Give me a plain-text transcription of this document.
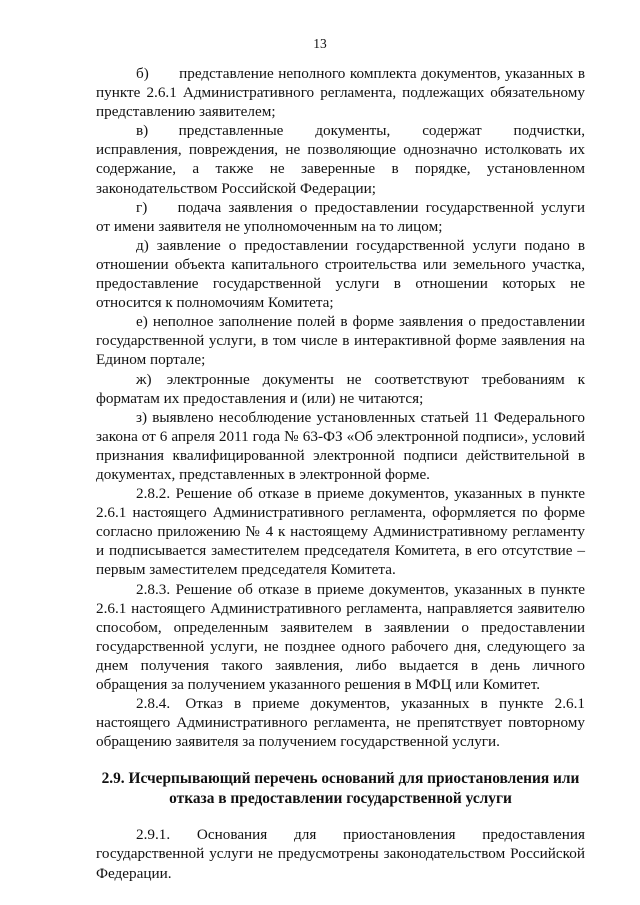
13

б)  представление неполного комплекта документов, указанных в пункте 2.6.1 Административного регламента, подлежащих обязательному представлению заявителем;

в)  представленные документы, содержат подчистки, исправления, повреждения, не позволяющие однозначно истолковать их содержание, а также не заверенные в порядке, установленном законодательством Российской Федерации;

г)  подача заявления о предоставлении государственной услуги от имени заявителя не уполномоченным на то лицом;

д) заявление о предоставлении государственной услуги подано в отношении объекта капитального строительства или земельного участка, предоставление государственной услуги в отношении которых не относится к полномочиям Комитета;

е) неполное заполнение полей в форме заявления о предоставлении государственной услуги, в том числе в интерактивной форме заявления на Едином портале;

ж) электронные документы не соответствуют требованиям к форматам их предоставления и (или) не читаются;

з) выявлено несоблюдение установленных статьей 11 Федерального закона от 6 апреля 2011 года № 63-ФЗ «Об электронной подписи», условий признания квалифицированной электронной подписи действительной в документах, представленных в электронной форме.

2.8.2. Решение об отказе в приеме документов, указанных в пункте 2.6.1 настоящего Административного регламента, оформляется по форме согласно приложению № 4 к настоящему Административному регламенту и подписывается заместителем председателя Комитета, в его отсутствие – первым заместителем председателя Комитета.

2.8.3. Решение об отказе в приеме документов, указанных в пункте 2.6.1 настоящего Административного регламента, направляется заявителю способом, определенным заявителем в заявлении о предоставлении государственной услуги, не позднее одного рабочего дня, следующего за днем получения такого заявления, либо выдается в день личного обращения за получением указанного решения в МФЦ или Комитет.

2.8.4. Отказ в приеме документов, указанных в пункте 2.6.1 настоящего Административного регламента, не препятствует повторному обращению заявителя за получением государственной услуги.

2.9. Исчерпывающий перечень оснований для приостановления или отказа в предоставлении государственной услуги

2.9.1. Основания для приостановления предоставления государственной услуги не предусмотрены законодательством Российской Федерации.
